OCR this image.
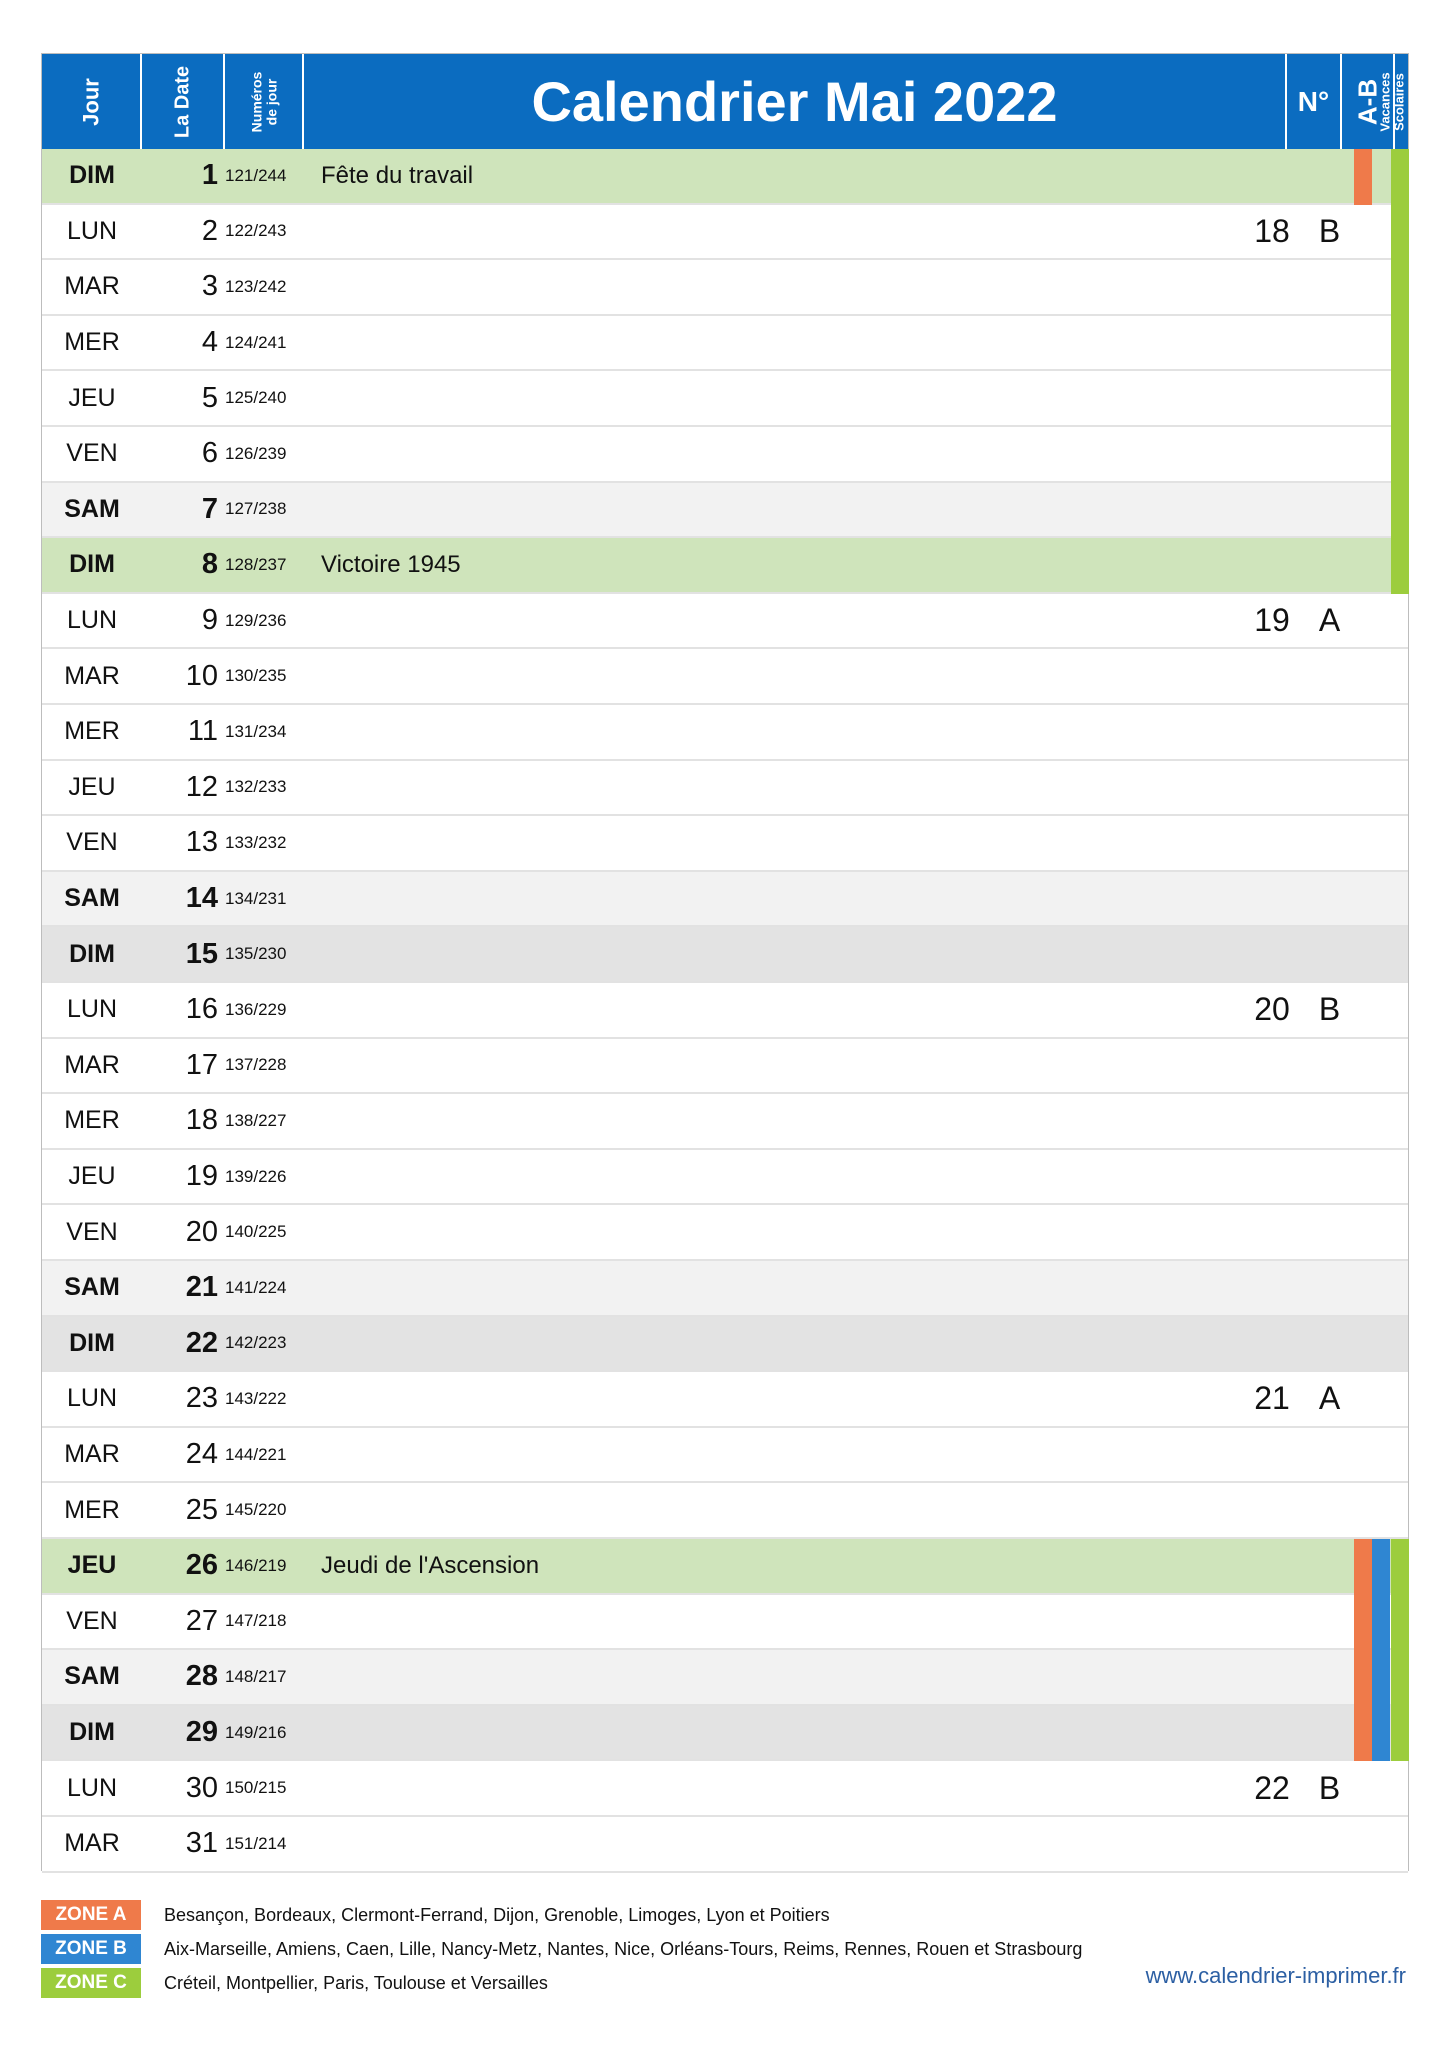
Jour	La Date	Numéros de jour	Calendrier Mai 2022	N° A-B
Vacances Scolaires
DIM	1 121/244	Fête du travail
LUN	2 122/243	18 B
MAR	3 123/242
MER	4 124/241
JEU	5 125/240
VEN	6 126/239
SAM	7 127/238
DIM	8 128/237	Victoire 1945
LUN	9 129/236	19 A
MAR	10 130/235
MER	11 131/234
JEU	12 132/233
VEN	13 133/232
SAM	14 134/231
DIM	15 135/230
LUN	16 136/229	20 B
MAR	17 137/228
MER	18 138/227
JEU	19 139/226
VEN	20 140/225
SAM	21 141/224
DIM	22 142/223
LUN	23 143/222	21 A
MAR	24 144/221
MER	25 145/220
JEU	26 146/219	Jeudi de l'Ascension
VEN	27 147/218
SAM	28 148/217
DIM	29 149/216
LUN	30 150/215	22 B
MAR	31 151/214
ZONE A	Besançon, Bordeaux, Clermont-Ferrand, Dijon, Grenoble, Limoges, Lyon et Poitiers
ZONE B	Aix-Marseille, Amiens, Caen, Lille, Nancy-Metz, Nantes, Nice, Orléans-Tours, Reims, Rennes, Rouen et Strasbourg
ZONE C	Créteil, Montpellier, Paris, Toulouse et Versailles	www.calendrier-imprimer.fr
